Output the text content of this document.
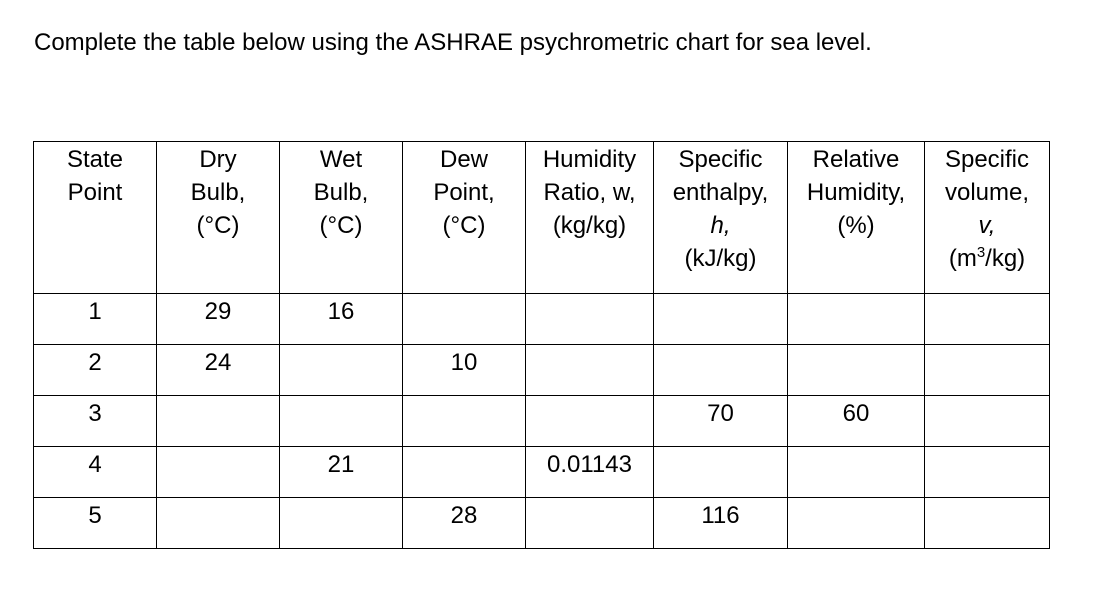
Complete the table below using the ASHRAE psychrometric chart for sea level.
State
Point	Dry
Bulb,
(°C)	Wet
Bulb,
(°C)	Dew
Point,
(°C)	Humidity
Ratio, w,
(kg/kg)	Specific
enthalpy,
h,
(kJ/kg)	Relative
Humidity,
(%)	Specific
volume,
v,
$(m^3/kg)$

1	29	16					
2	24		10				
3					70	60	
4		21		0.01143			
5			28		116		
